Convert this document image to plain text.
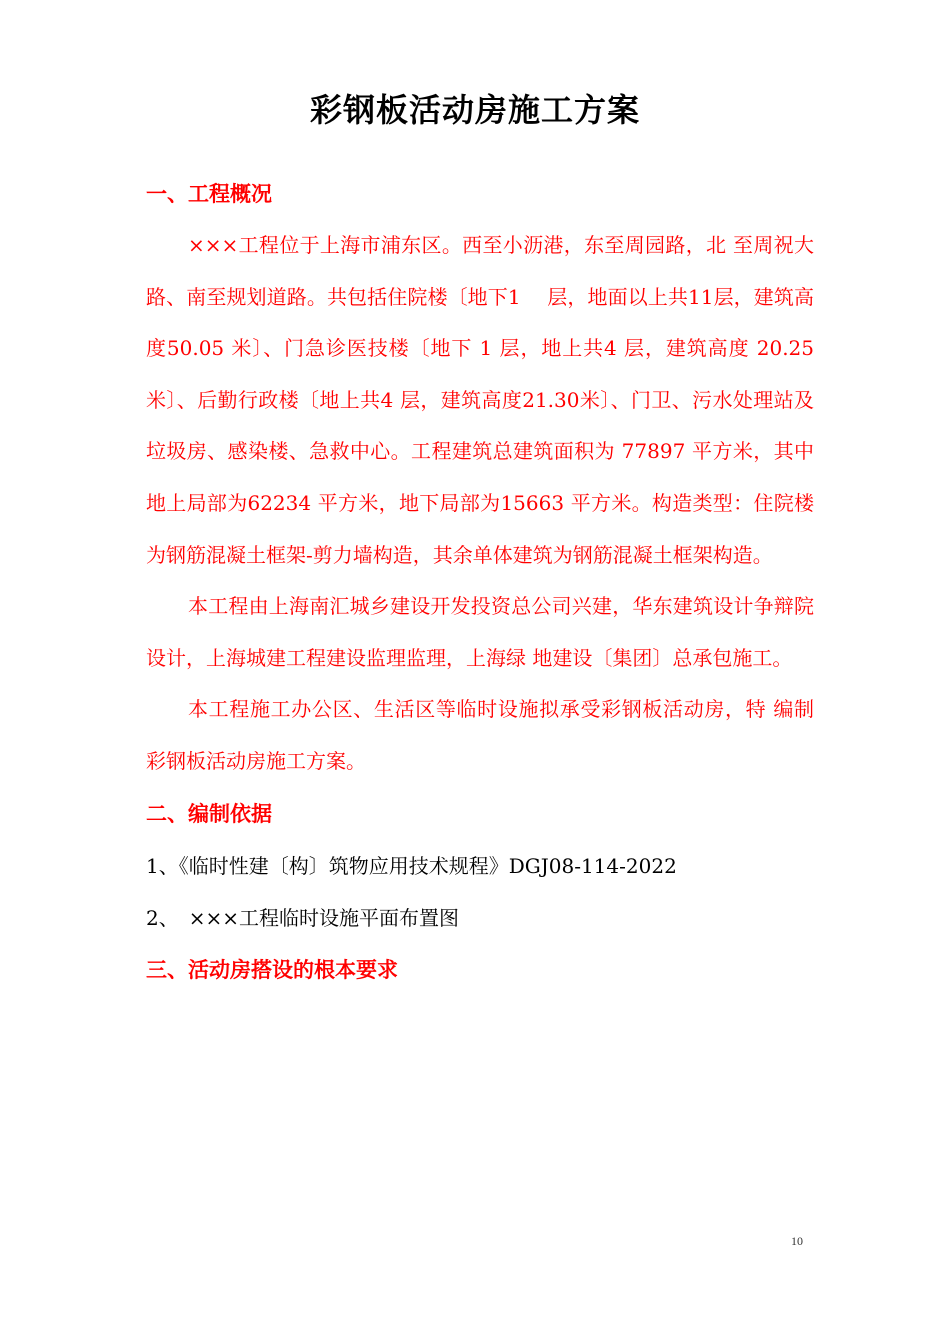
彩钢板活动房施工方案
一、工程概况

×××工程位于上海市浦东区。西至小沥港，东至周园路，北 至周祝大路、南至规划道路。共包括住院楼〔地下1　 层，地面以上共11层，建筑高度50.05 米〕、门急诊医技楼〔地下 1 层，地上共4 层，建筑高度 20.25 米〕、后勤行政楼〔地上共4 层，建筑高度21.30米〕、门卫、污水处理站及垃圾房、感染楼、急救中心。工程建筑总建筑面积为 77897 平方米，其中地上局部为62234 平方米，地下局部为15663 平方米。构造类型：住院楼为钢筋混凝土框架-剪力墙构造，其余单体建筑为钢筋混凝土框架构造。

本工程由上海南汇城乡建设开发投资总公司兴建，华东建筑设计争辩院设计，上海城建工程建设监理监理，上海绿 地建设〔集团〕总承包施工。

本工程施工办公区、生活区等临时设施拟承受彩钢板活动房，特 编制彩钢板活动房施工方案。

二、编制依据
1、《临时性建〔构〕筑物应用技术规程》DGJ08-114-2022
2、　×××工程临时设施平面布置图
三、活动房搭设的根本要求
10
